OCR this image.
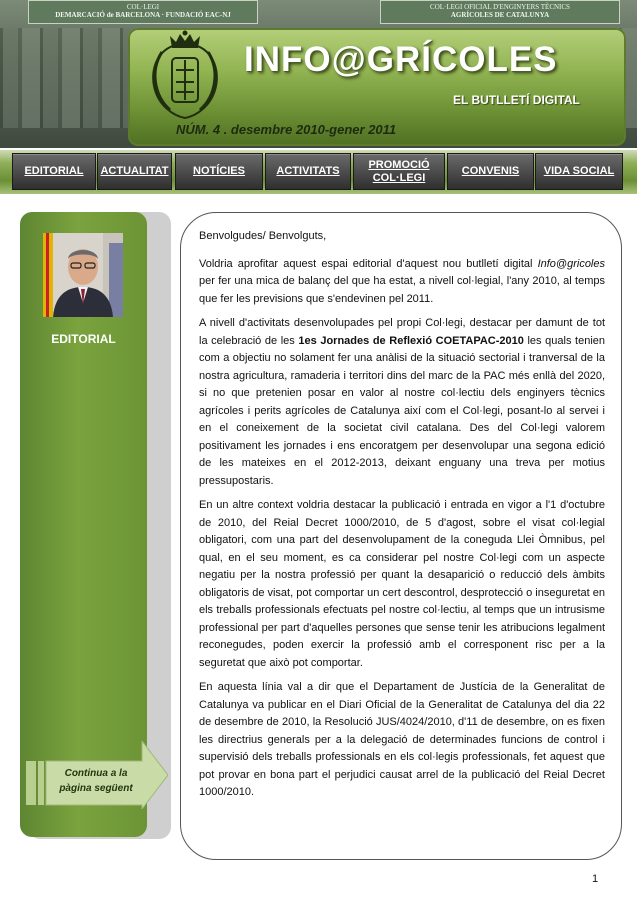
COL·LEGI
DEMARCACIÓ de BARCELONA · FUNDACIÓ EAC-NJ
COL·LEGI OFICIAL D'ENGINYERS TÈCNICS
AGRÍCOLES DE CATALUNYA
INFO@GRÍCOLES
EL BUTLLETÍ DIGITAL
NÚM. 4 . desembre 2010-gener 2011
EDITORIAL	ACTUALITAT	NOTÍCIES	ACTIVITATS
PROMOCIÓ COL·LEGI
CONVENIS	VIDA SOCIAL
EDITORIAL
Continua a la pàgina següent

Benvolgudes/ Benvolguts,

Voldria aprofitar aquest espai editorial d'aquest nou butlletí digital Info@gricoles per fer una mica de balanç del que ha estat, a nivell col·legial, l'any 2010, al temps que fer les previsions que s'endevinen pel 2011.

A nivell d'activitats desenvolupades pel propi Col·legi, destacar per damunt de tot la celebració de les 1es Jornades de Reflexió COETAPAC-2010 les quals tenien com a objectiu no solament fer una anàlisi de la situació sectorial i tranversal de la nostra agricultura, ramaderia i territori dins del marc de la PAC més enllà del 2020, si no que pretenien posar en valor al nostre col·lectiu dels enginyers tècnics agrícoles i perits agrícoles de Catalunya així com el Col·legi, posant-lo al servei i en el coneixement de la societat civil catalana. Des del Col·legi valorem positivament les jornades i ens encoratgem per desenvolupar una segona edició de les mateixes en el 2012-2013, deixant enguany una treva per motius pressupostaris.

En un altre context voldria destacar la publicació i entrada en vigor a l'1 d'octubre de 2010, del Reial Decret 1000/2010, de 5 d'agost, sobre el visat col·legial obligatori, com una part del desenvolupament de la coneguda Llei Òmnibus, pel qual, en el seu moment, es ca considerar pel nostre Col·legi com un aspecte negatiu per la nostra professió per quant la desaparició o reducció dels àmbits obligatoris de visat, pot comportar un cert descontrol, desprotecció o inseguretat en els treballs professionals efectuats pel nostre col·lectiu, al temps que un intrusisme professional per part d'aquelles persones que sense tenir les atribucions legalment reconegudes, poden exercir la professió amb el corresponent risc per a la seguretat que això pot comportar.

En aquesta línia val a dir que el Departament de Justícia de la Generalitat de Catalunya va publicar en el Diari Oficial de la Generalitat de Catalunya del dia 22 de desembre de 2010, la Resolució JUS/4024/2010, d'11 de desembre, on es fixen les directrius generals per a la delegació de determinades funcions de control i supervisió dels treballs professionals en els col·legis professionals, fet aquest que pot provar en bona part el perjudici causat arrel de la publicació del Reial Decret 1000/2010.

1
